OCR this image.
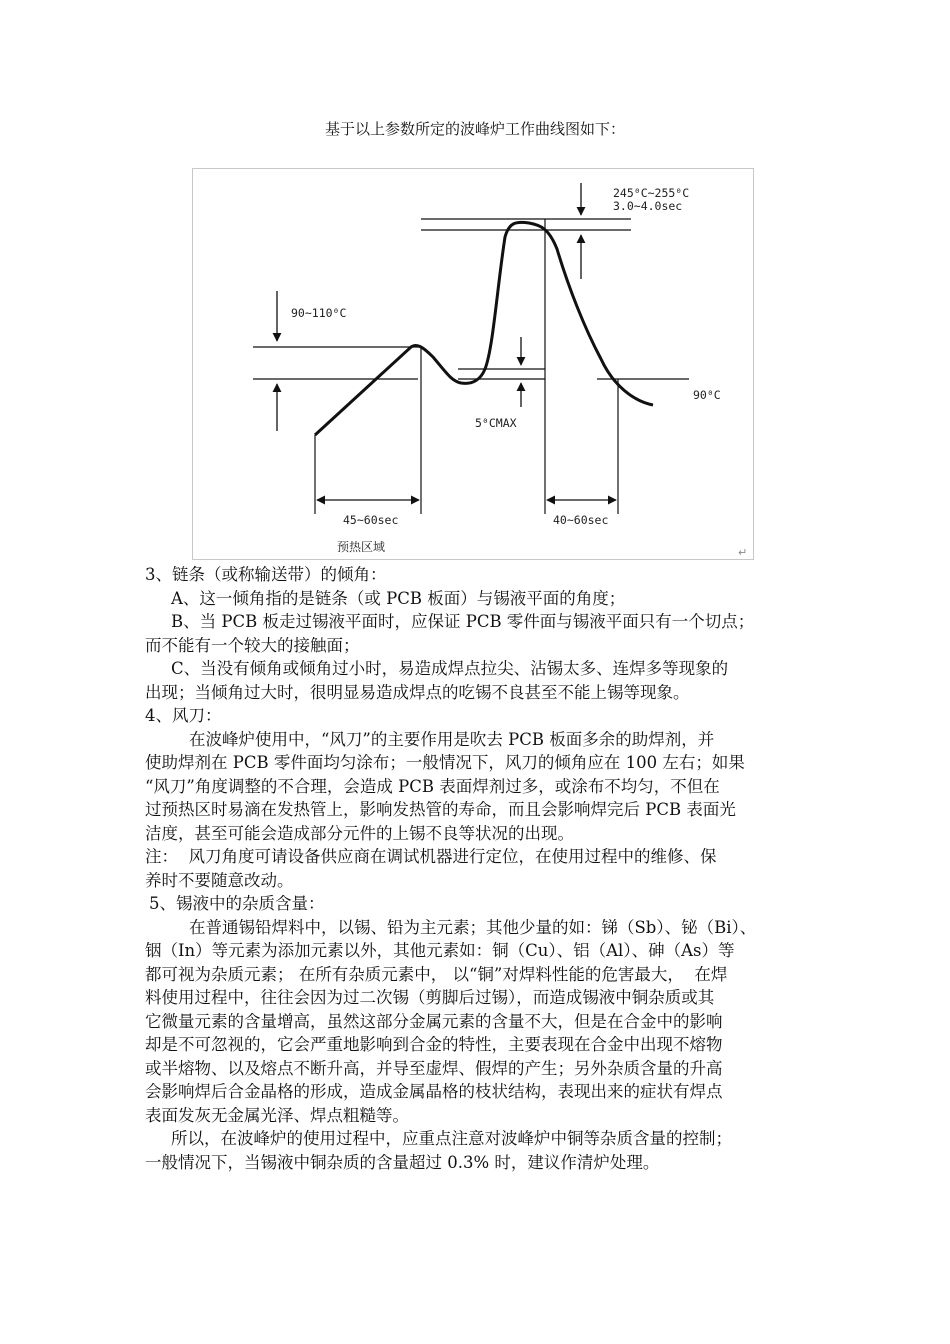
基于以上参数所定的波峰炉工作曲线图如下：
245⁰C~255⁰C
3.0~4.0sec
90~110⁰C
5⁰CMAX
90⁰C
45~60sec	40~60sec
预热区域	↵

3、链条（或称输送带）的倾角：

A、这一倾角指的是链条（或 PCB 板面）与锡液平面的角度；

B、当 PCB 板走过锡液平面时，应保证 PCB 零件面与锡液平面只有一个切点；

而不能有一个较大的接触面；

C、当没有倾角或倾角过小时，易造成焊点拉尖、沾锡太多、连焊多等现象的

出现；当倾角过大时，很明显易造成焊点的吃锡不良甚至不能上锡等现象。

4、风刀：

在波峰炉使用中，“风刀”的主要作用是吹去 PCB 板面多余的助焊剂，并

使助焊剂在 PCB 零件面均匀涂布；一般情况下，风刀的倾角应在 100 左右；如果

“风刀”角度调整的不合理，会造成 PCB 表面焊剂过多，或涂布不均匀，不但在

过预热区时易滴在发热管上，影响发热管的寿命，而且会影响焊完后 PCB 表面光

洁度，甚至可能会造成部分元件的上锡不良等状况的出现。

注：  风刀角度可请设备供应商在调试机器进行定位，在使用过程中的维修、保

养时不要随意改动。

5、锡液中的杂质含量：

在普通锡铅焊料中，以锡、铅为主元素；其他少量的如：锑（Sb）、铋（Bi）、

铟（In）等元素为添加元素以外，其他元素如：铜（Cu）、铝（Al）、砷（As）等

都可视为杂质元素； 在所有杂质元素中， 以“铜”对焊料性能的危害最大，  在焊

料使用过程中，往往会因为过二次锡（剪脚后过锡），而造成锡液中铜杂质或其

它微量元素的含量增高，虽然这部分金属元素的含量不大，但是在合金中的影响

却是不可忽视的，它会严重地影响到合金的特性，主要表现在合金中出现不熔物

或半熔物、以及熔点不断升高，并导至虚焊、假焊的产生；另外杂质含量的升高

会影响焊后合金晶格的形成，造成金属晶格的枝状结构，表现出来的症状有焊点

表面发灰无金属光泽、焊点粗糙等。

所以，在波峰炉的使用过程中，应重点注意对波峰炉中铜等杂质含量的控制；

一般情况下，当锡液中铜杂质的含量超过 0.3% 时，建议作清炉处理。
